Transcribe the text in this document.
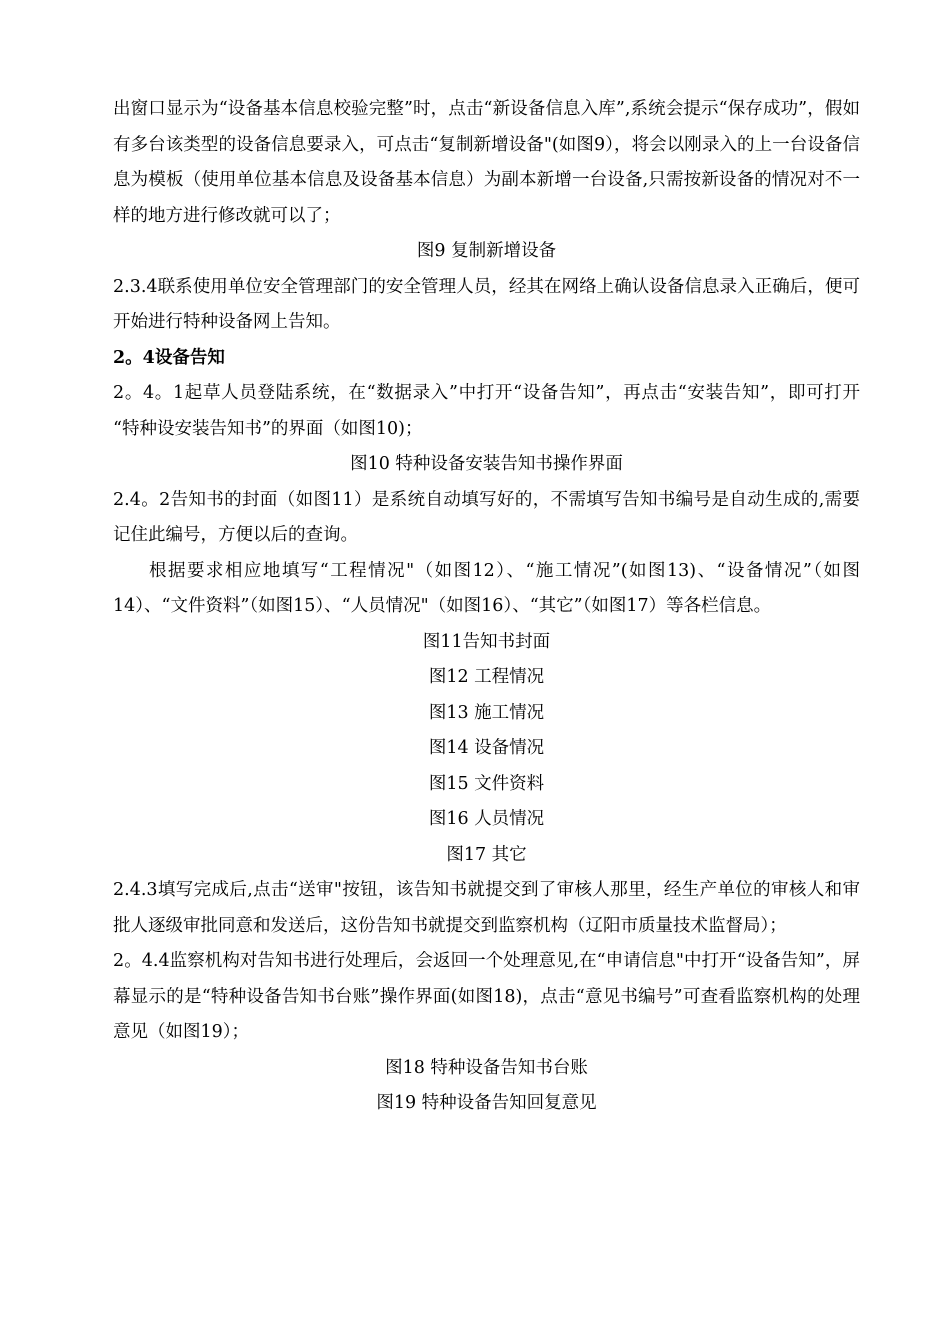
出窗口显示为“设备基本信息校验完整”时，点击“新设备信息入库”,系统会提示“保存成功”，假如有多台该类型的设备信息要录入，可点击“复制新增设备"(如图9），将会以刚录入的上一台设备信息为模板（使用单位基本信息及设备基本信息）为副本新增一台设备,只需按新设备的情况对不一样的地方进行修改就可以了；

图9 复制新增设备

2.3.4联系使用单位安全管理部门的安全管理人员，经其在网络上确认设备信息录入正确后，便可开始进行特种设备网上告知。

2。4设备告知

2。4。1起草人员登陆系统，在“数据录入”中打开“设备告知”，再点击“安装告知”，即可打开 “特种设安装告知书”的界面（如图10)；

图10 特种设备安装告知书操作界面

2.4。2告知书的封面（如图11）是系统自动填写好的，不需填写告知书编号是自动生成的,需要记住此编号，方便以后的查询。

根据要求相应地填写“工程情况"（如图12）、“施工情况”(如图13)、“设备情况”（如图14）、“文件资料”（如图15）、“人员情况"（如图16）、“其它”（如图17）等各栏信息。

图11告知书封面

图12 工程情况

图13 施工情况

图14 设备情况

图15 文件资料

图16 人员情况

图17 其它

2.4.3填写完成后,点击“送审"按钮，该告知书就提交到了审核人那里，经生产单位的审核人和审批人逐级审批同意和发送后，这份告知书就提交到监察机构（辽阳市质量技术监督局）；

2。4.4监察机构对告知书进行处理后，会返回一个处理意见,在“申请信息"中打开“设备告知”，屏幕显示的是“特种设备告知书台账”操作界面(如图18)，点击“意见书编号”可查看监察机构的处理意见（如图19）；

图18 特种设备告知书台账

图19 特种设备告知回复意见
